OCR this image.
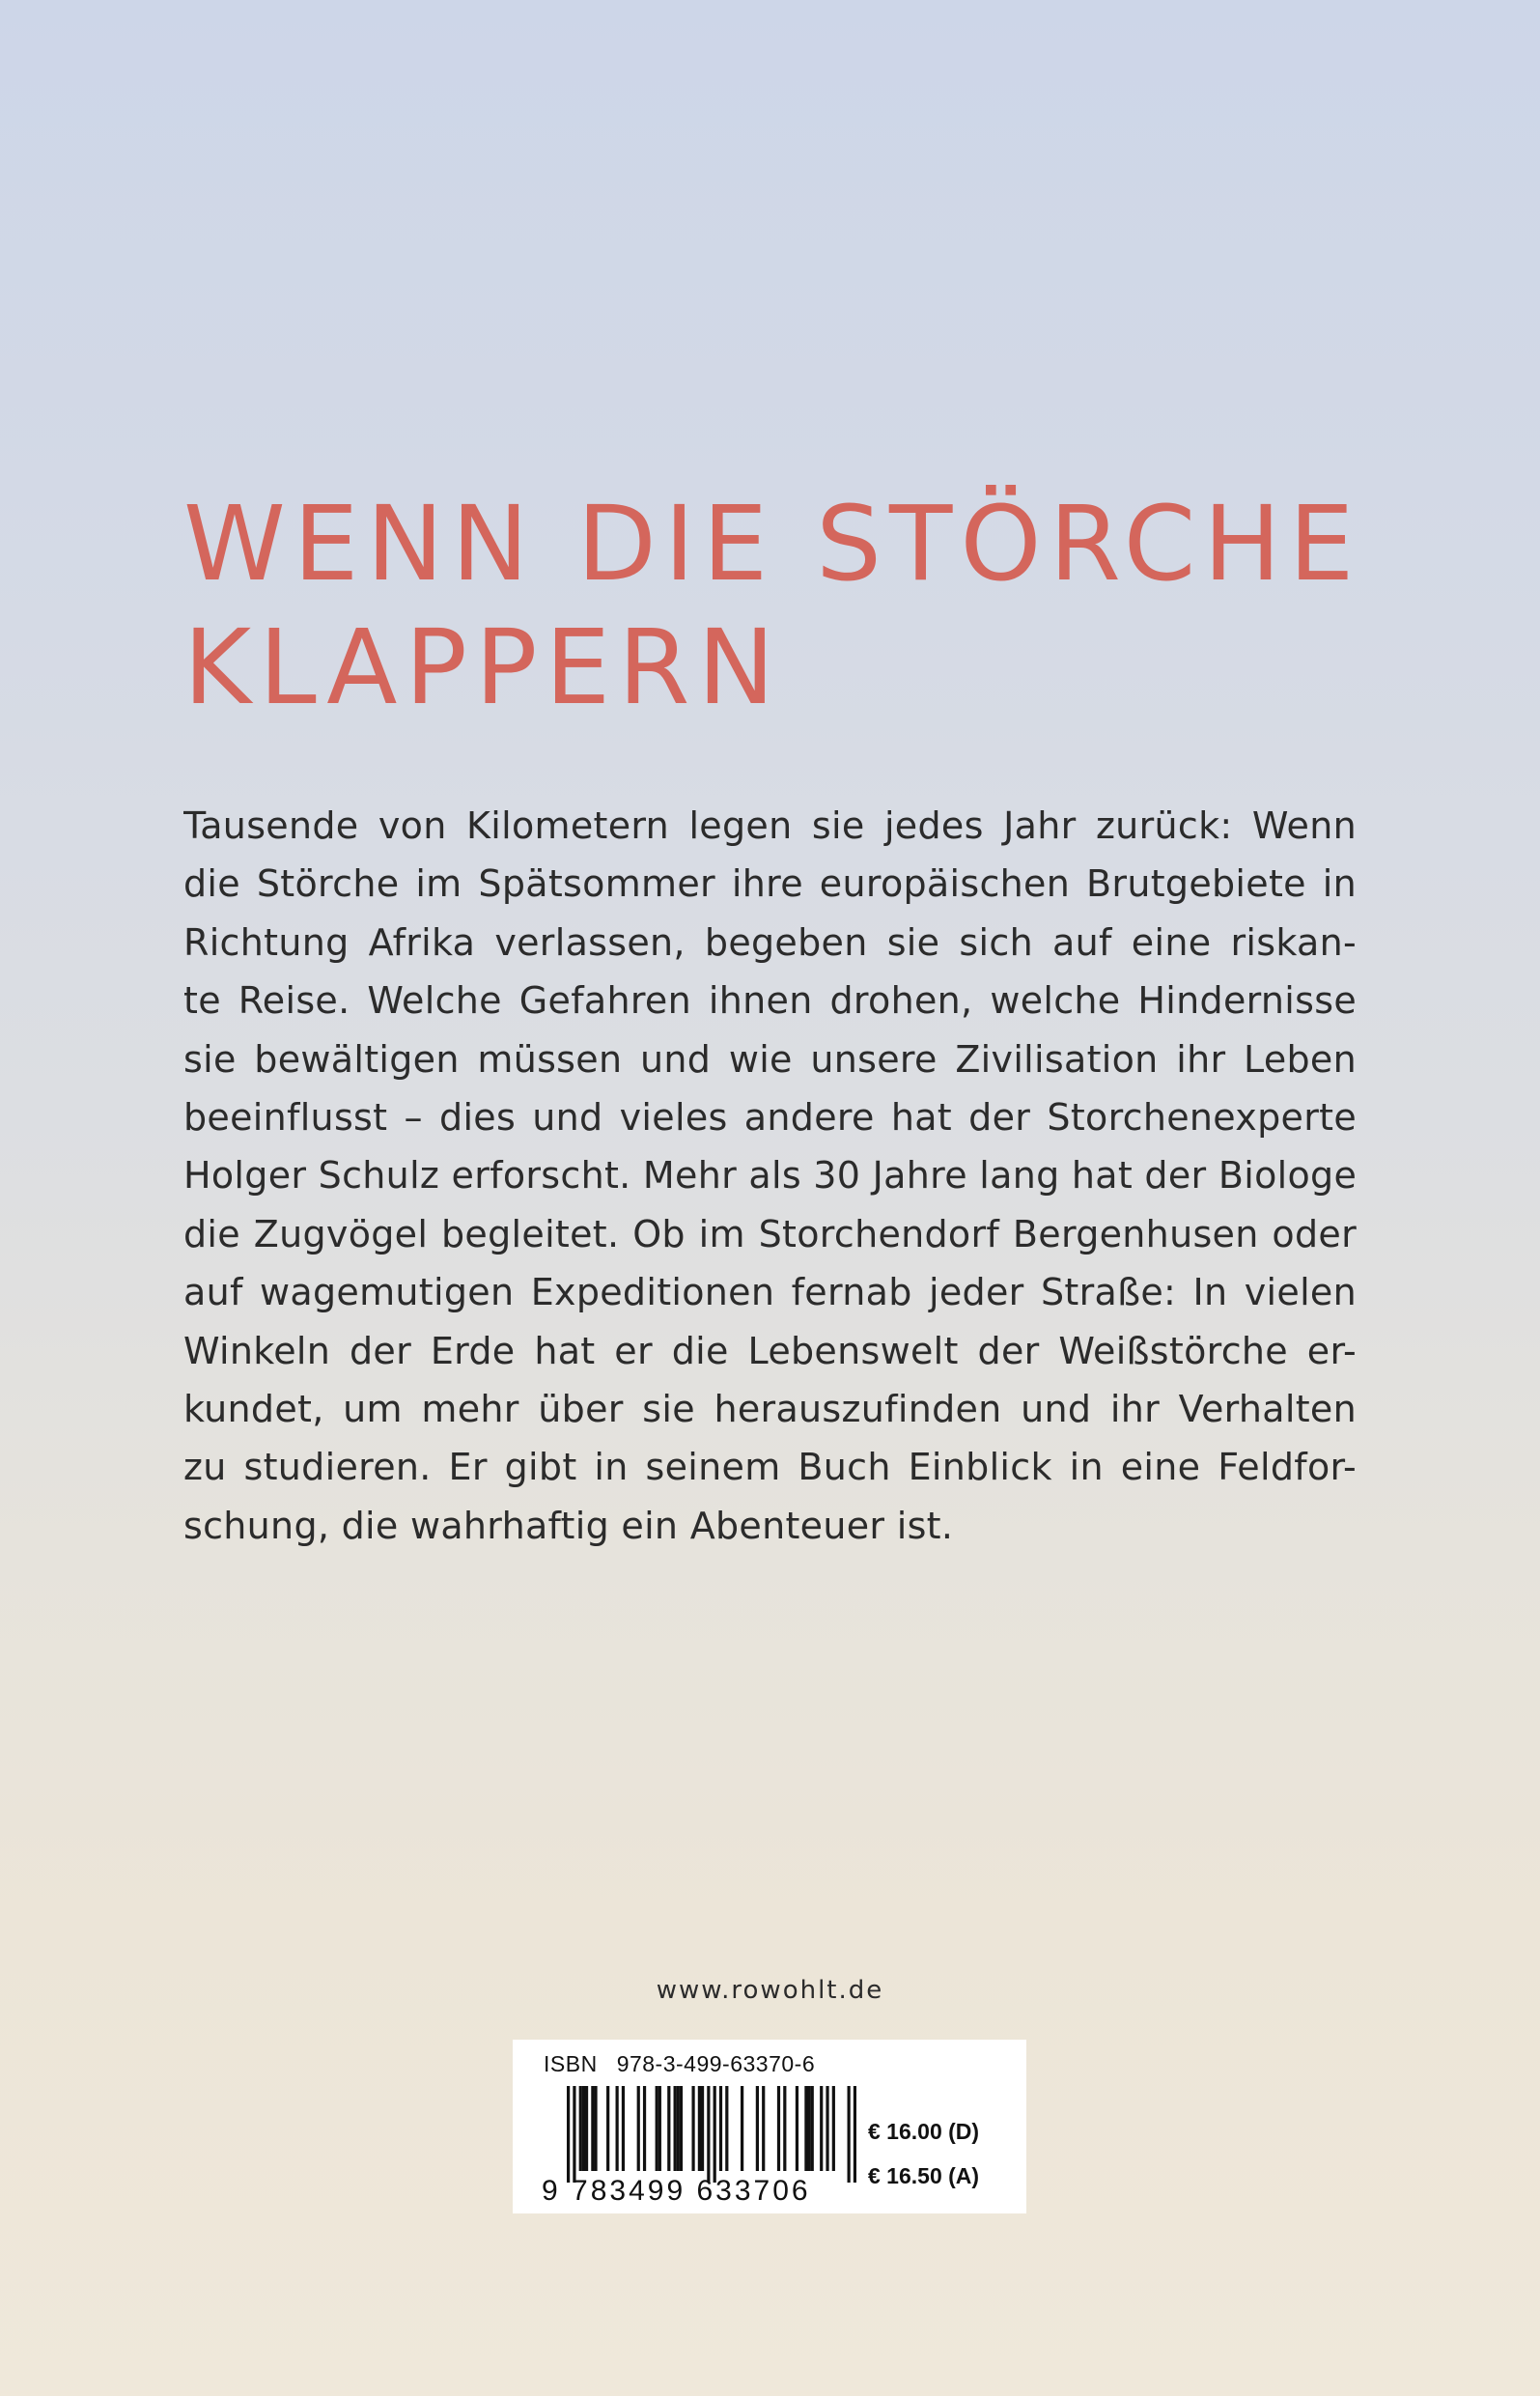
WENN DIE STÖRCHE
KLAPPERN
Tausende von Kilometern legen sie jedes Jahr zurück: Wenn
die Störche im Spätsommer ihre europäischen Brutgebiete in
Richtung Afrika verlassen, begeben sie sich auf eine riskan-
te Reise. Welche Gefahren ihnen drohen, welche Hindernisse
sie bewältigen müssen und wie unsere Zivilisation ihr Leben
beeinflusst – dies und vieles andere hat der Storchenexperte
Holger Schulz erforscht. Mehr als 30 Jahre lang hat der Biologe
die Zugvögel begleitet. Ob im Storchendorf Bergenhusen oder
auf wagemutigen Expeditionen fernab jeder Straße: In vielen
Winkeln der Erde hat er die Lebenswelt der Weißstörche er-
kundet, um mehr über sie herauszufinden und ihr Verhalten
zu studieren. Er gibt in seinem Buch Einblick in eine Feldfor-
schung, die wahrhaftig ein Abenteuer ist.
www.rowohlt.de
ISBN 978-3-499-63370-6
9 783499 633706
€ 16.00 (D)
€ 16.50 (A)
